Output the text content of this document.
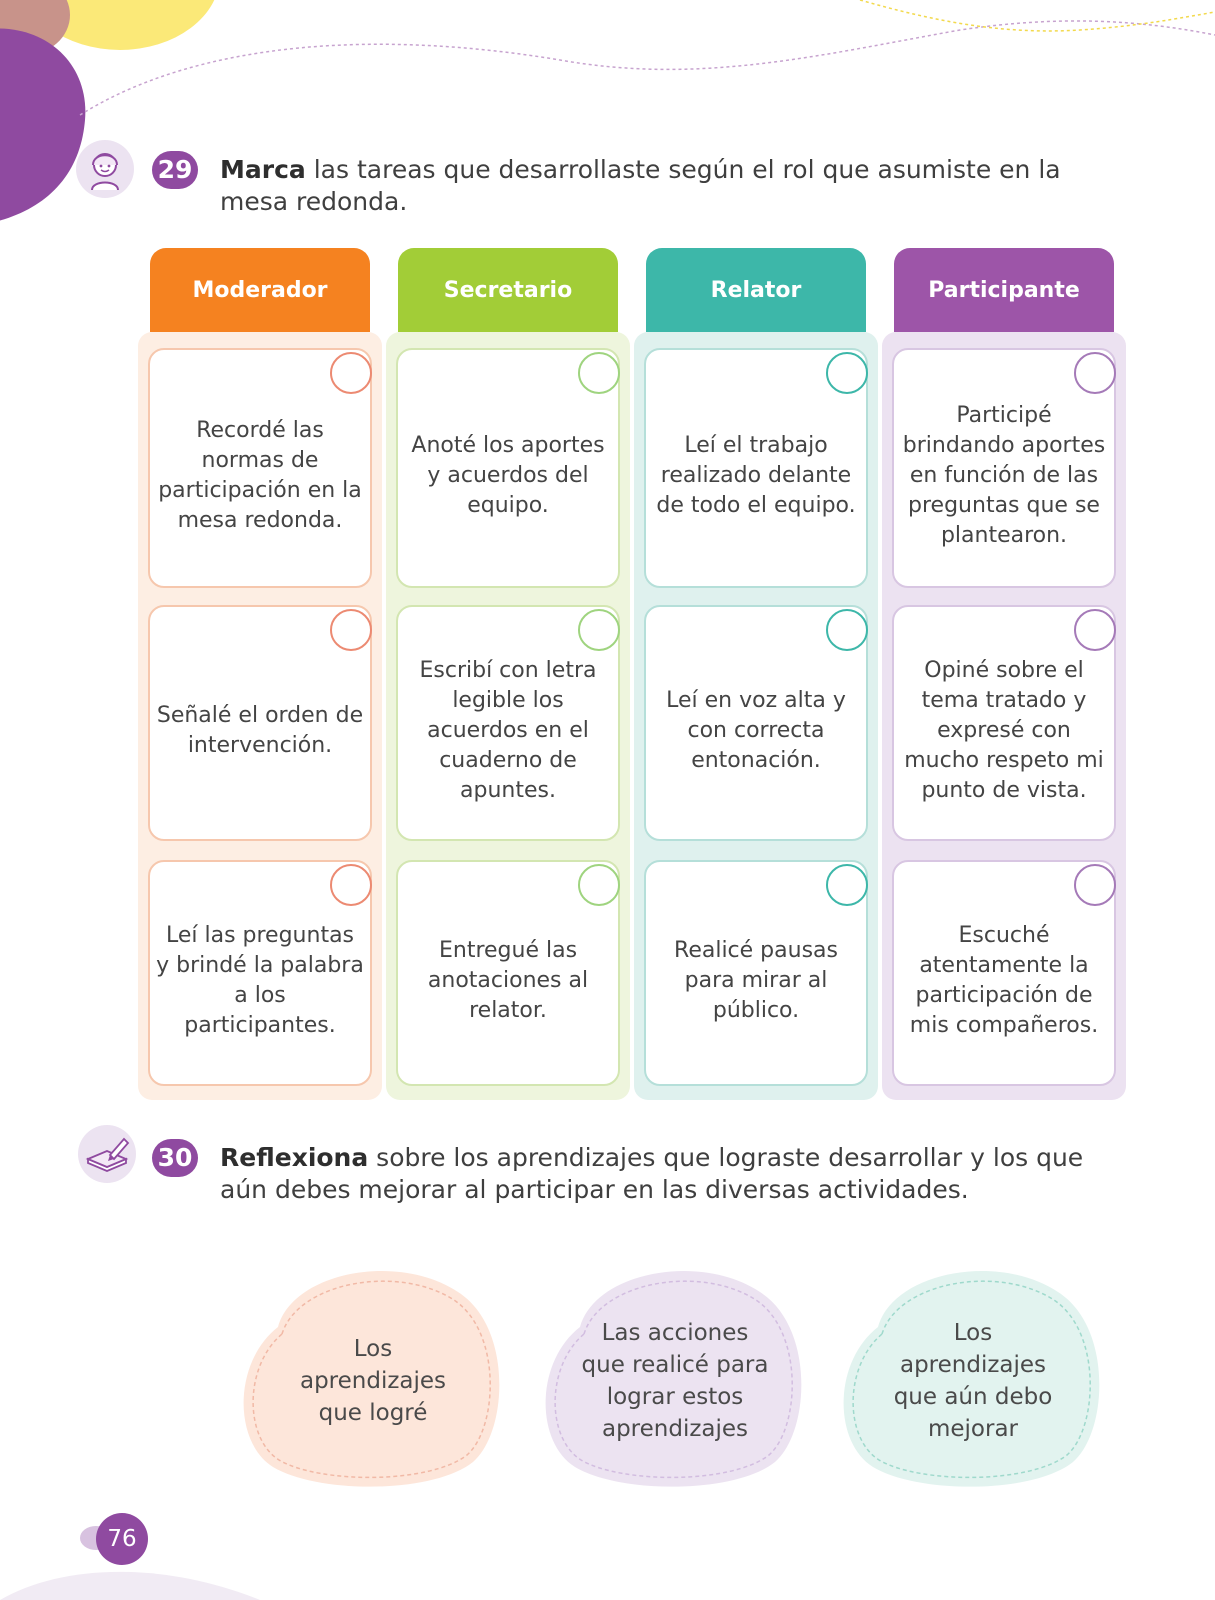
29 Marca las tareas que desarrollaste según el rol que asumiste en la mesa redonda.
Moderador
Recordé las normas de participación en la mesa redonda.
Señalé el orden de intervención.
Leí las preguntas y brindé la palabra a los participantes.
Secretario
Anoté los aportes y acuerdos del equipo.
Escribí con letra legible los acuerdos en el cuaderno de apuntes.
Entregué las anotaciones al relator.
Relator
Leí el trabajo realizado delante de todo el equipo.
Leí en voz alta y con correcta entonación.
Realicé pausas para mirar al público.
Participante
Participé brindando aportes en función de las preguntas que se plantearon.
Opiné sobre el tema tratado y expresé con mucho respeto mi punto de vista.
Escuché atentamente la participación de mis compañeros.
30 Reflexiona sobre los aprendizajes que lograste desarrollar y los que aún debes mejorar al participar en las diversas actividades.
Los aprendizajes que logré
Las acciones que realicé para lograr estos aprendizajes
Los aprendizajes que aún debo mejorar
76
